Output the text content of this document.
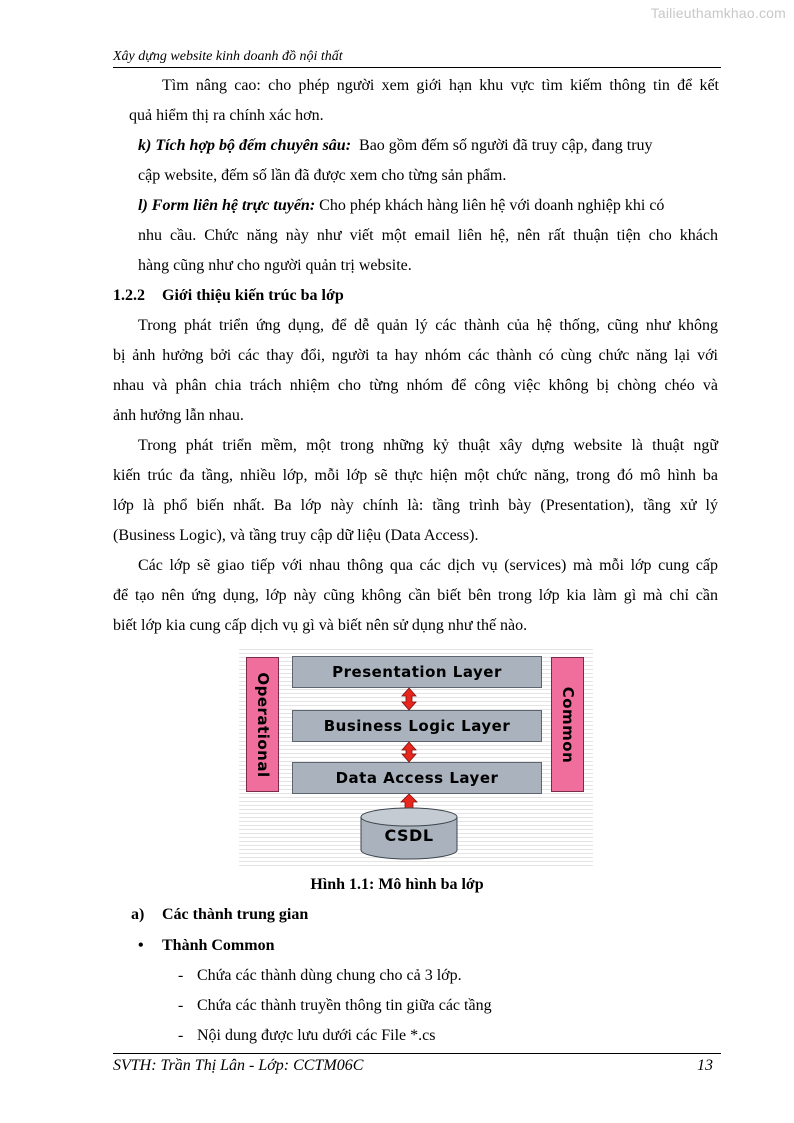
Tailieuthamkhao.com
Xây dựng website kinh doanh đồ nội thất
Tìm nâng cao: cho phép người xem giới hạn khu vực tìm kiếm thông tin để kết
quả hiểm thị ra chính xác hơn.
k) Tích hợp bộ đếm chuyên sâu: Bao gồm đếm số người đã truy cập, đang truy
cập website, đếm số lần đã được xem cho từng sản phẩm.
l) Form liên hệ trực tuyến: Cho phép khách hàng liên hệ với doanh nghiệp khi có
nhu cầu. Chức năng này như viết một email liên hệ, nên rất thuận tiện cho khách
hàng cũng như cho người quản trị website.
1.2.2 Giới thiệu kiến trúc ba lớp
Trong phát triển ứng dụng, để dễ quản lý các thành của hệ thống, cũng như không
bị ảnh hưởng bởi các thay đổi, người ta hay nhóm các thành có cùng chức năng lại với
nhau và phân chia trách nhiệm cho từng nhóm để công việc không bị chòng chéo và
ảnh hưởng lẫn nhau.
Trong phát triển mềm, một trong những kỷ thuật xây dựng website là thuật ngữ
kiến trúc đa tầng, nhiều lớp, mỗi lớp sẽ thực hiện một chức năng, trong đó mô hình ba
lớp là phổ biến nhất. Ba lớp này chính là: tầng trình bày (Presentation), tầng xử lý
(Business Logic), và tầng truy cập dữ liệu (Data Access).
Các lớp sẽ giao tiếp với nhau thông qua các dịch vụ (services) mà mỗi lớp cung cấp
để tạo nên ứng dụng, lớp này cũng không cần biết bên trong lớp kia làm gì mà chỉ cần
biết lớp kia cung cấp dịch vụ gì và biết nên sử dụng như thế nào.
Operational	Common
Presentation Layer
Business Logic Layer
Data Access Layer
CSDL
Hình 1.1: Mô hình ba lớp
a) Các thành trung gian
• Thành Common
- Chứa các thành dùng chung cho cả 3 lớp.
- Chứa các thành truyền thông tin giữa các tầng
- Nội dung được lưu dưới các File *.cs
SVTH: Trần Thị Lân - Lớp: CCTM06C	13
